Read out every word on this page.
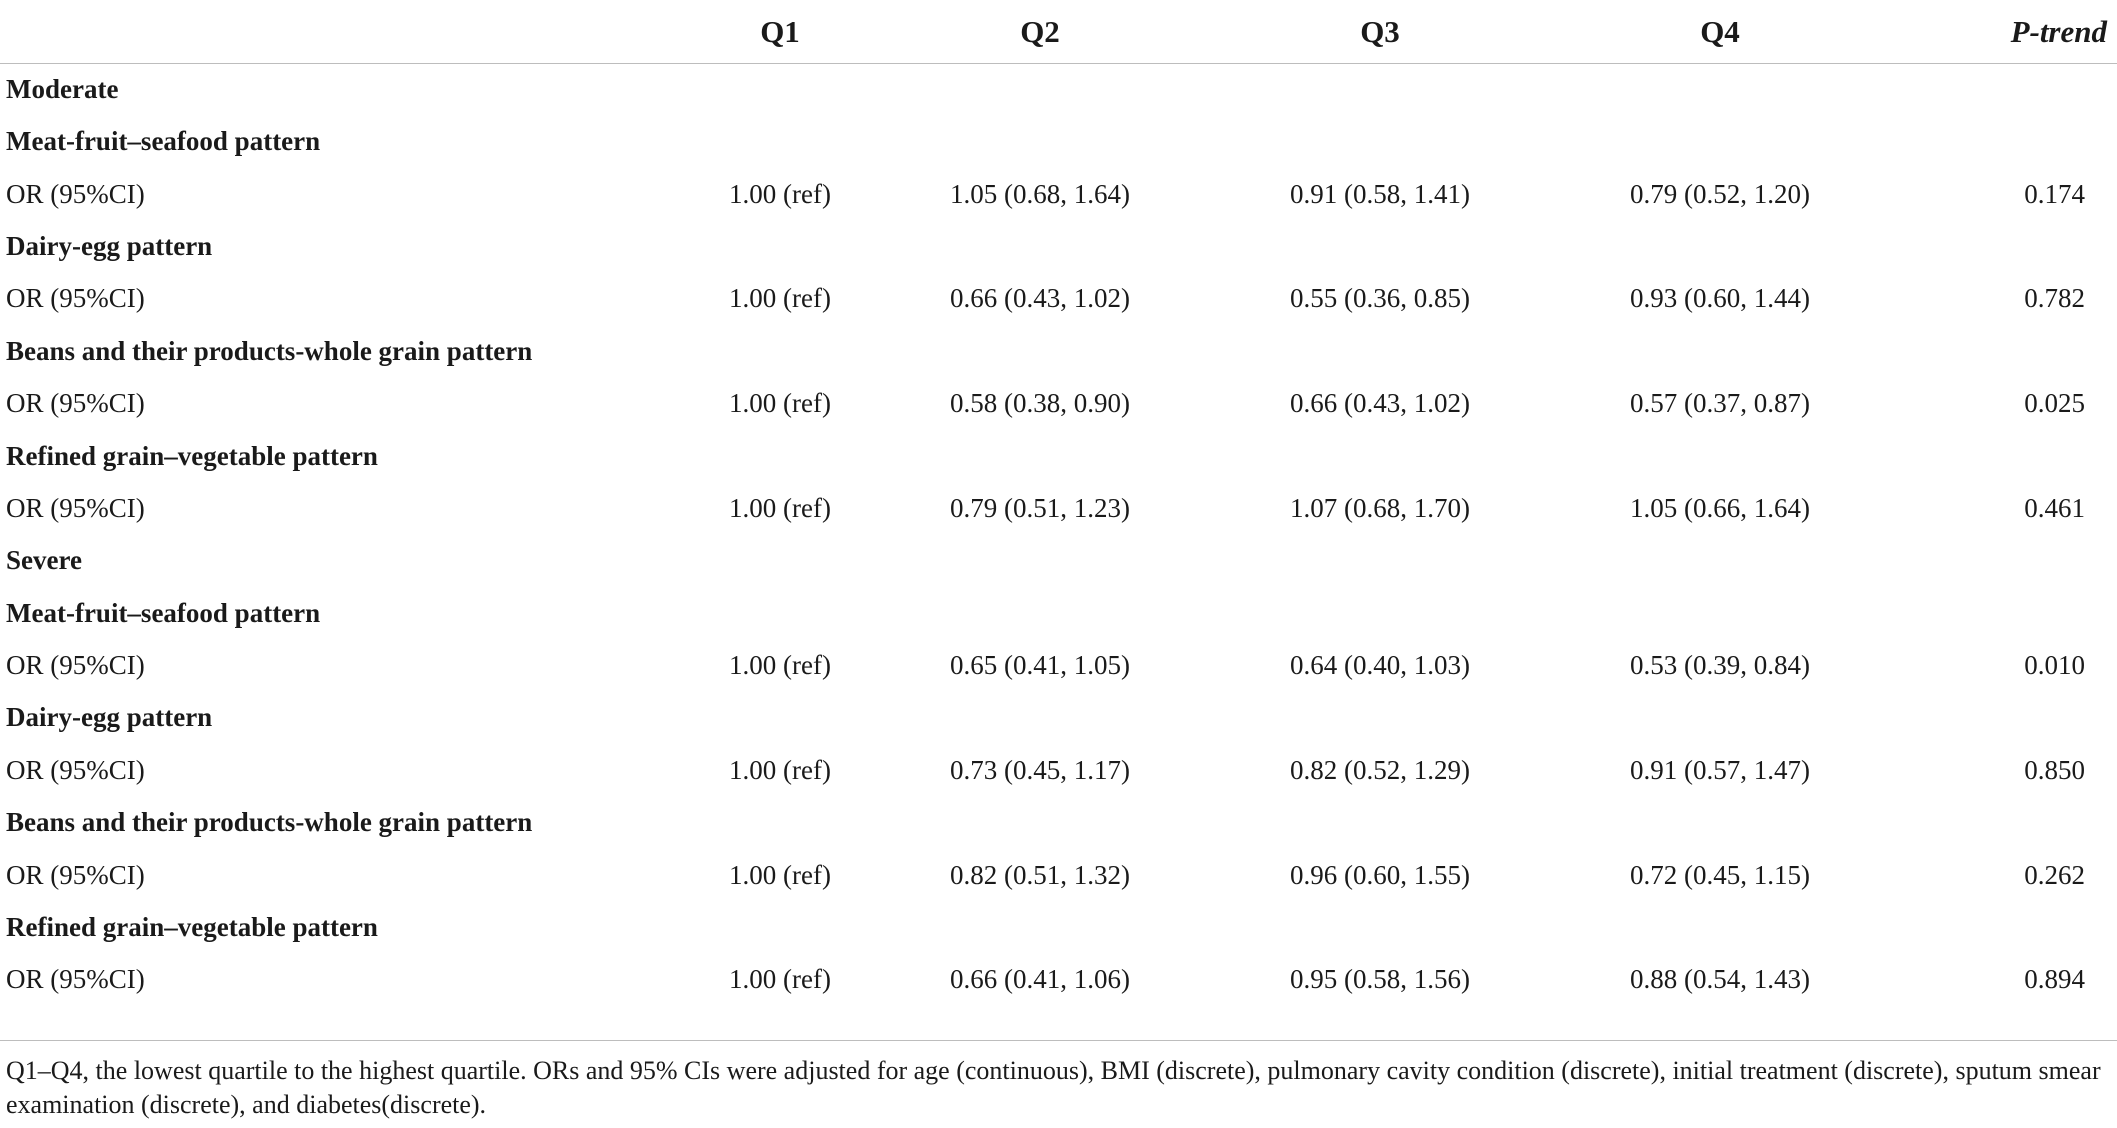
	Q1	Q2	Q3	Q4	P-trend
Moderate					
Meat-fruit–seafood pattern					
OR (95%CI)	1.00 (ref)	1.05 (0.68, 1.64)	0.91 (0.58, 1.41)	0.79 (0.52, 1.20)	0.174
Dairy-egg pattern					
OR (95%CI)	1.00 (ref)	0.66 (0.43, 1.02)	0.55 (0.36, 0.85)	0.93 (0.60, 1.44)	0.782
Beans and their products-whole grain pattern					
OR (95%CI)	1.00 (ref)	0.58 (0.38, 0.90)	0.66 (0.43, 1.02)	0.57 (0.37, 0.87)	0.025
Refined grain–vegetable pattern					
OR (95%CI)	1.00 (ref)	0.79 (0.51, 1.23)	1.07 (0.68, 1.70)	1.05 (0.66, 1.64)	0.461
Severe					
Meat-fruit–seafood pattern					
OR (95%CI)	1.00 (ref)	0.65 (0.41, 1.05)	0.64 (0.40, 1.03)	0.53 (0.39, 0.84)	0.010
Dairy-egg pattern					
OR (95%CI)	1.00 (ref)	0.73 (0.45, 1.17)	0.82 (0.52, 1.29)	0.91 (0.57, 1.47)	0.850
Beans and their products-whole grain pattern					
OR (95%CI)	1.00 (ref)	0.82 (0.51, 1.32)	0.96 (0.60, 1.55)	0.72 (0.45, 1.15)	0.262
Refined grain–vegetable pattern					
OR (95%CI)	1.00 (ref)	0.66 (0.41, 1.06)	0.95 (0.58, 1.56)	0.88 (0.54, 1.43)	0.894
Q1–Q4, the lowest quartile to the highest quartile. ORs and 95% CIs were adjusted for age (continuous), BMI (discrete), pulmonary cavity condition (discrete), initial treatment (discrete), sputum smear examination (discrete), and diabetes(discrete).
